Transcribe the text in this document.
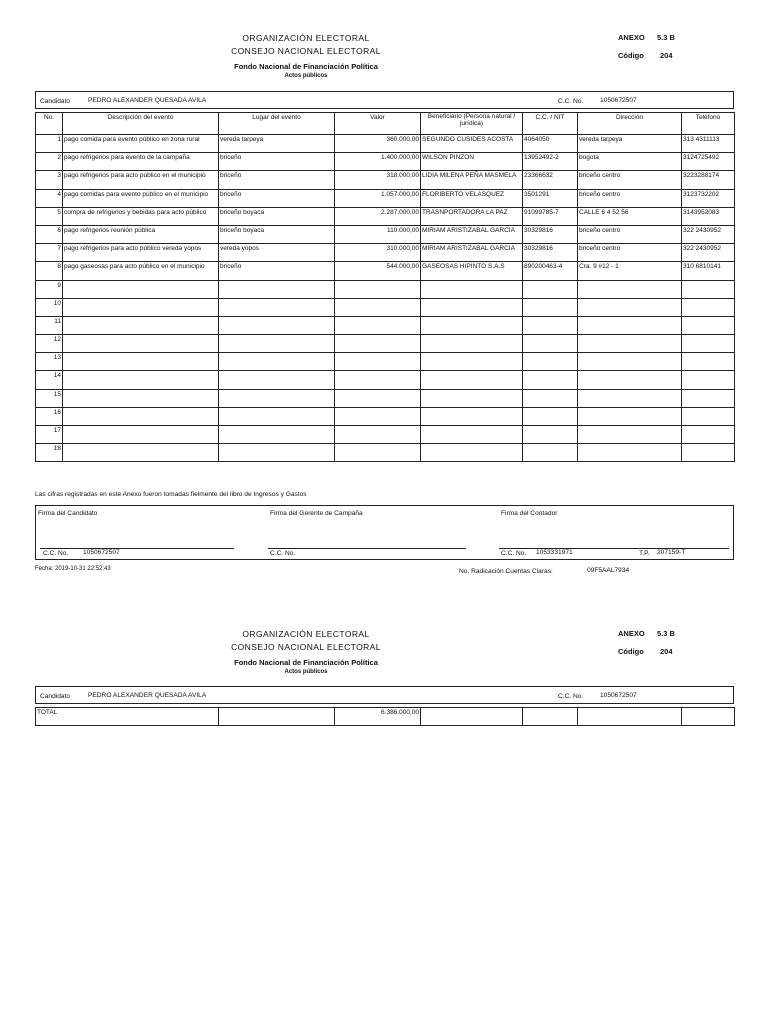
ORGANIZACIÓN ELECTORAL
CONSEJO NACIONAL ELECTORAL
Fondo Nacional de Financiación Política
Actos públicos
ANEXO 5.3 B
Código 204
Candidato	PEDRO ALEXANDER QUESADA AVILA	C.C. No.	1050672507
No.	Descripción del evento	Lugar del evento	Valor	Beneficiario (Persona natural / jurídica)	C.C. / NIT	Dirección	Teléfono
1	pago comida para evento público en zona rural	vereda tarpeya	360.000,00	SEGUNDO CUSIDES ACOSTA	4064050	vereda tarpeya	313 4311113
2	pago refrigerios para evento de la campaña	briceño	1.400.000,00	WILSON PINZON	13952492-2	bogota	3124725492
3	pago refrigerios para acto público en el municipio	briceño	318.000,00	LIDIA MILENA PEÑA MASMELA	23366632	briceño centro	3223288174
4	pago comidas para evento público en el municipio	briceño	1.057.000,00	FLORIBERTO VELASQUEZ	3501291	briceño centro	3123732202
5	compra de refrigerios y bebidas para acto público	briceño boyaca	2.287.000,00	TRASNPORTADORA LA PAZ	91099785-7	CALLE 6 4 52 56	3143952083
6	pago refrigerios reunión pública	briceño boyaca	110.000,00	MIRIAM ARISTIZABAL GARCIA	30329816	briceño centro	322 2430952
7	pago refrigerios para acto público vereda yopos	vereda yopos	310.000,00	MIRIAM ARISTIZABAL GARCIA	30329816	briceño centro	322 2430952
8	pago gaseosas para acto público en el municipio	briceño	544.000,00	GASEOSAS HIPINTO S.A.S	890200463-4	Cra. 9 #12 - 1	310 6810141
9							
10							
11							
12							
13							
14							
15							
16							
17							
18							
Las cifras registradas en este Anexo fueron tomadas fielmente del libro de Ingresos y Gastos
Firma del Candidato	Firma del Gerente de Campaña	Firma del Contador
C.C. No. 1050672507	C.C. No.	C.C. No. 1053331971	T.P. 207159-T
Fecha: 2019-10-31 22:52:43	No. Radicación Cuentas Claras:	09F5AAL7934
ORGANIZACIÓN ELECTORAL
CONSEJO NACIONAL ELECTORAL
Fondo Nacional de Financiación Política
Actos públicos
ANEXO 5.3 B
Código 204
Candidato	PEDRO ALEXANDER QUESADA AVILA	C.C. No.	1050672507
TOTAL		6.386.000,00				
